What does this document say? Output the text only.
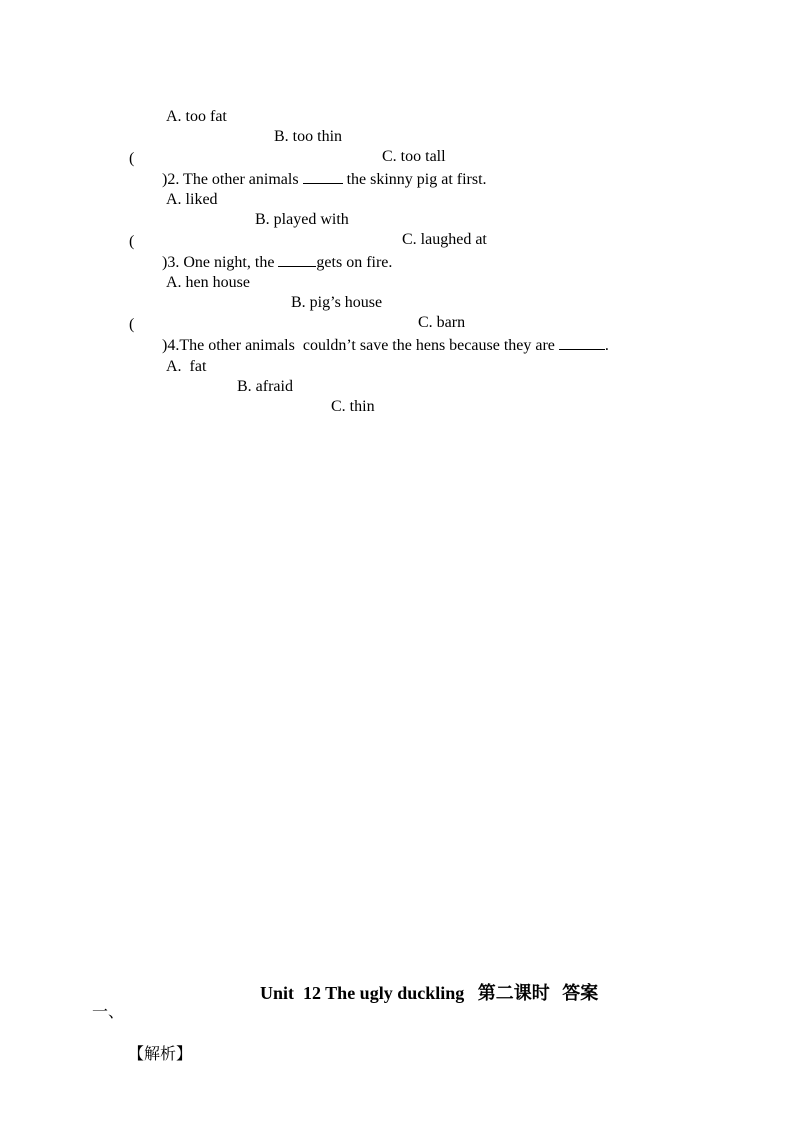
A. too fat

B. too thin

C. too tall

(

)2. The other animals	the skinny pig at first.

A. liked

B. played with

C. laughed at

(

)3. One night, the gets on fire.

A. hen house

B. pig’s house

C. barn

(

)4.The other animals  couldn’t save the hens because they are	.

A.  fat

B. afraid

C. thin

Unit  12 The ugly duckling 第二课时  答案

一、
【解析】
